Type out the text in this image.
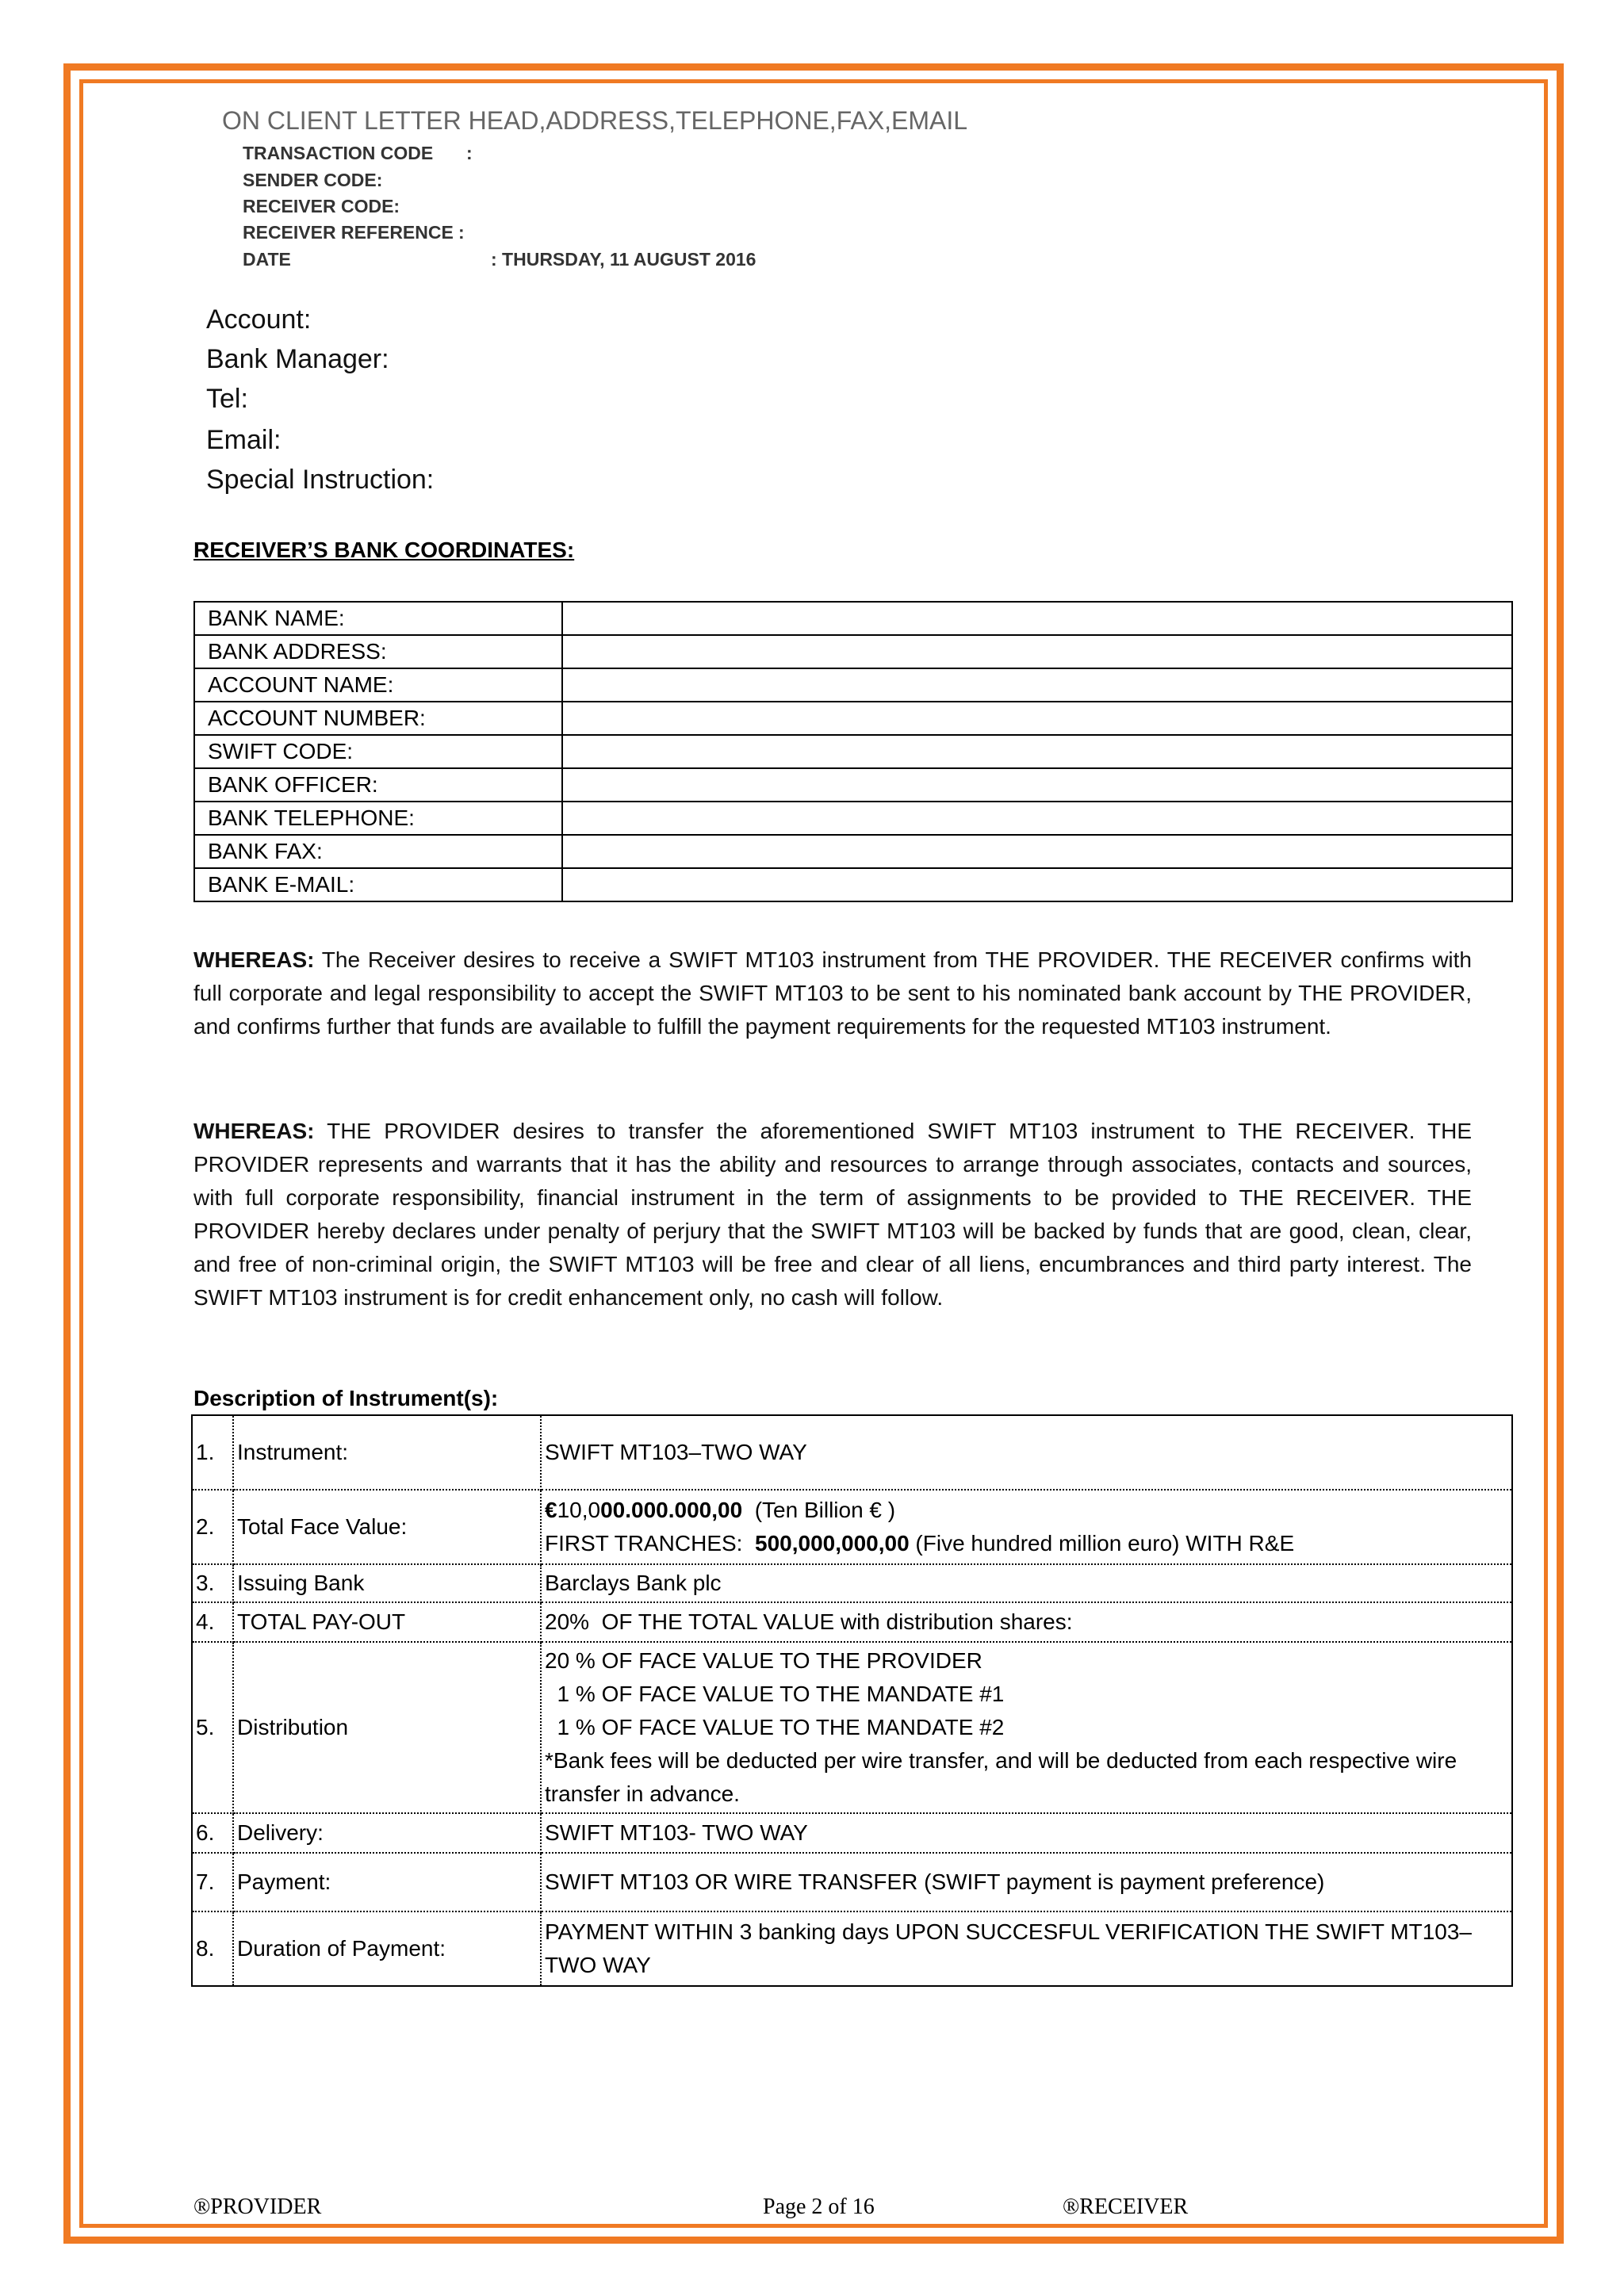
ON CLIENT LETTER HEAD,ADDRESS,TELEPHONE,FAX,EMAIL
TRANSACTION CODE :
SENDER CODE:
RECEIVER CODE:
RECEIVER REFERENCE :
DATE	: THURSDAY, 11 AUGUST 2016
Account:
Bank Manager:
Tel:
Email:
Special Instruction:
RECEIVER’S BANK COORDINATES:
BANK NAME:	
BANK ADDRESS:	
ACCOUNT NAME:	
ACCOUNT NUMBER:	
SWIFT CODE:	
BANK OFFICER:	
BANK TELEPHONE:	
BANK FAX:	
BANK E-MAIL:	
WHEREAS: The Receiver desires to receive a SWIFT MT103 instrument from THE PROVIDER. THE RECEIVER confirms with full corporate and legal responsibility to accept the SWIFT MT103 to be sent to his nominated bank account by THE PROVIDER, and confirms further that funds are available to fulfill the payment requirements for the requested MT103 instrument.
WHEREAS: THE PROVIDER desires to transfer the aforementioned SWIFT MT103 instrument to THE RECEIVER. THE PROVIDER represents and warrants that it has the ability and resources to arrange through associates, contacts and sources, with full corporate responsibility, financial instrument in the term of assignments to be provided to THE RECEIVER. THE PROVIDER hereby declares under penalty of perjury that the SWIFT MT103 will be backed by funds that are good, clean, clear, and free of non-criminal origin, the SWIFT MT103 will be free and clear of all liens, encumbrances and third party interest. The SWIFT MT103 instrument is for credit enhancement only, no cash will follow.
Description of Instrument(s):
1.	Instrument:	SWIFT MT103–TWO WAY
2.	Total Face Value:	€10,000.000.000,00  (Ten Billion € )
FIRST TRANCHES:  500,000,000,00 (Five hundred million euro) WITH R&E

3.	Issuing Bank	Barclays Bank plc
4.	TOTAL PAY-OUT	20%  OF THE TOTAL VALUE with distribution shares:
5.	Distribution	20 % OF FACE VALUE TO THE PROVIDER
1 % OF FACE VALUE TO THE MANDATE #1
1 % OF FACE VALUE TO THE MANDATE #2
*Bank fees will be deducted per wire transfer, and will be deducted from each respective wire transfer in advance.

6.	Delivery:	SWIFT MT103- TWO WAY
7.	Payment:	SWIFT MT103 OR WIRE TRANSFER (SWIFT payment is payment preference)
8.	Duration of Payment:	PAYMENT WITHIN 3 banking days UPON SUCCESFUL VERIFICATION THE SWIFT MT103–TWO WAY
®PROVIDER	Page 2 of 16	®RECEIVER
